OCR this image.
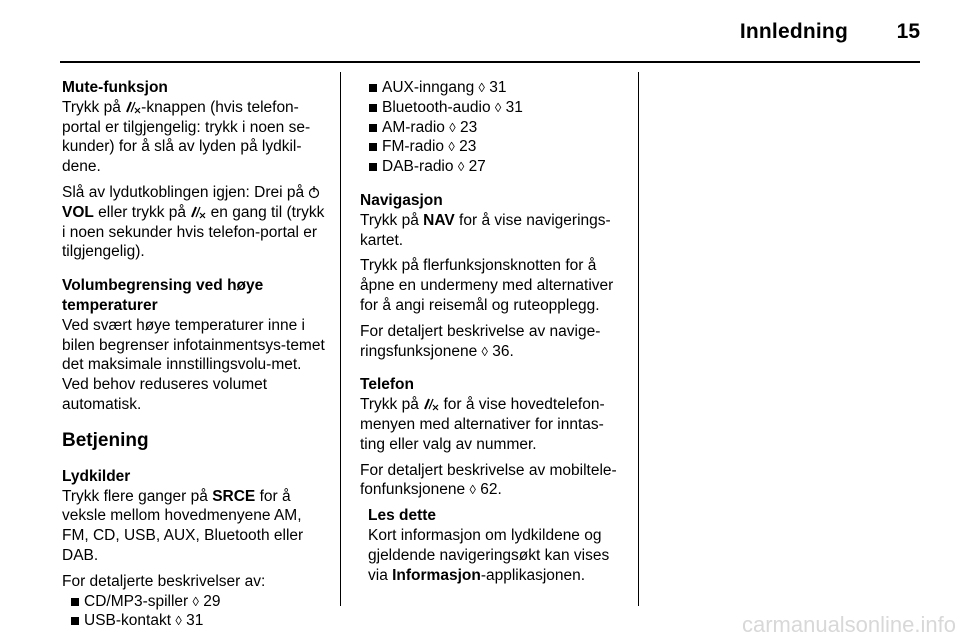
Innledning 15

Mute-funksjon

Trykk på -knappen (hvis telefon-portal er tilgjengelig: trykk i noen se-kunder) for å slå av lyden på lydkil-dene.

Slå av lydutkoblingen igjen: Drei på
VOL eller trykk på  en gang til (trykk i noen sekunder hvis telefon-portal er tilgjengelig).

Volumbegrensing ved høye temperaturer

Ved svært høye temperaturer inne i bilen begrenser infotainmentsys-temet det maksimale innstillingsvolu-met. Ved behov reduseres volumet automatisk.

Betjening

Lydkilder

Trykk flere ganger på SRCE for å veksle mellom hovedmenyene AM, FM, CD, USB, AUX, Bluetooth eller DAB.

For detaljerte beskrivelser av:

CD/MP3-spiller ◊ 29
USB-kontakt ◊ 31
AUX-inngang ◊ 31
Bluetooth-audio ◊ 31
AM-radio ◊ 23
FM-radio ◊ 23
DAB-radio ◊ 27

Navigasjon

Trykk på NAV for å vise navigerings-kartet.

Trykk på flerfunksjonsknotten for å åpne en undermeny med alternativer for å angi reisemål og ruteopplegg.

For detaljert beskrivelse av navige-ringsfunksjonene ◊ 36.

Telefon

Trykk på  for å vise hovedtelefon-menyen med alternativer for inntas-ting eller valg av nummer.

For detaljert beskrivelse av mobiltele-fonfunksjonene ◊ 62.

Les dette

Kort informasjon om lydkildene og gjeldende navigeringsøkt kan vises via Informasjon-applikasjonen.

carmanualsonline.info
